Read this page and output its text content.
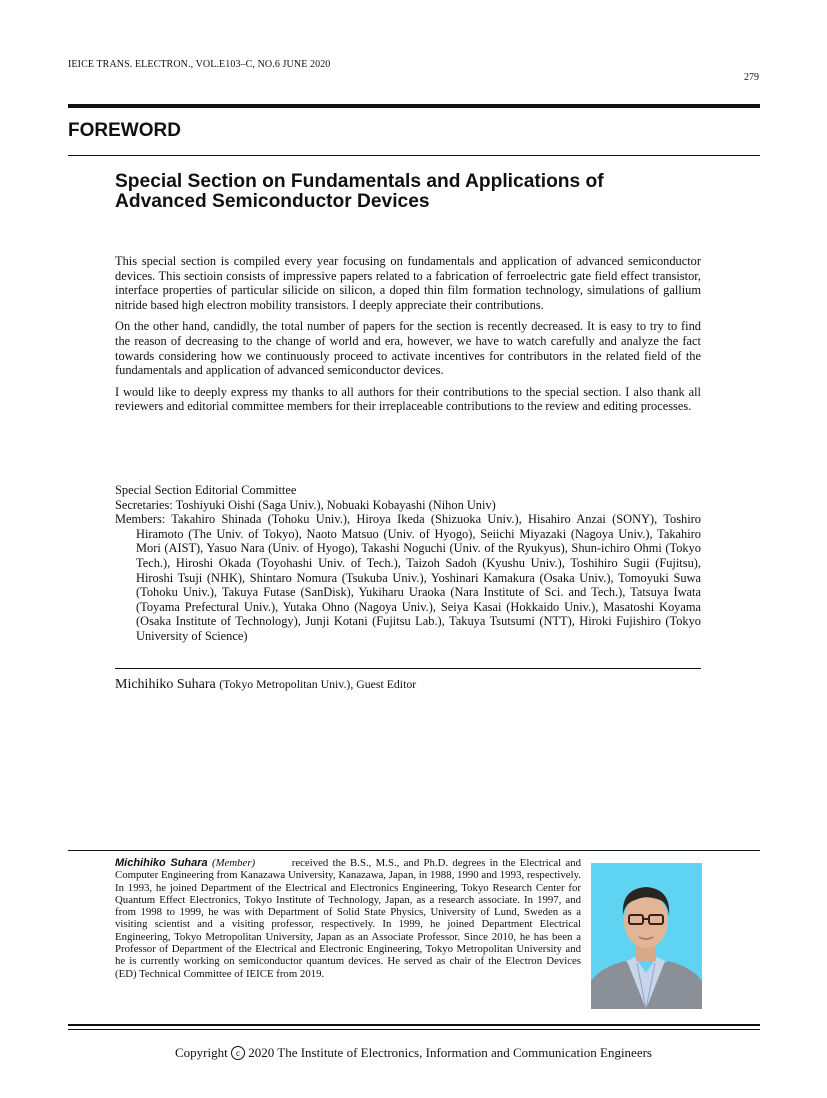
IEICE TRANS. ELECTRON., VOL.E103–C, NO.6 JUNE 2020
279
FOREWORD
Special Section on Fundamentals and Applications of Advanced Semiconductor Devices

This special section is compiled every year focusing on fundamentals and application of advanced semiconductor devices. This sectioin consists of impressive papers related to a fabrication of ferroelectric gate field effect transistor, interface properties of particular silicide on silicon, a doped thin film formation technology, simulations of gallium nitride based high electron mobility transistors. I deeply appreciate their contributions.

On the other hand, candidly, the total number of papers for the section is recently decreased. It is easy to try to find the reason of decreasing to the change of world and era, however, we have to watch carefully and analyze the fact towards considering how we continuously proceed to activate incentives for contributors in the related field of the fundamentals and application of advanced semiconductor devices.

I would like to deeply express my thanks to all authors for their contributions to the special section. I also thank all reviewers and editorial committee members for their irreplaceable contributions to the review and editing processes.

Special Section Editorial Committee
Secretaries: Toshiyuki Oishi (Saga Univ.), Nobuaki Kobayashi (Nihon Univ)
Members: Takahiro Shinada (Tohoku Univ.), Hiroya Ikeda (Shizuoka Univ.), Hisahiro Anzai (SONY), Toshiro Hiramoto (The Univ. of Tokyo), Naoto Matsuo (Univ. of Hyogo), Seiichi Miyazaki (Nagoya Univ.), Takahiro Mori (AIST), Yasuo Nara (Univ. of Hyogo), Takashi Noguchi (Univ. of the Ryukyus), Shun-ichiro Ohmi (Tokyo Tech.), Hiroshi Okada (Toyohashi Univ. of Tech.), Taizoh Sadoh (Kyushu Univ.), Toshihiro Sugii (Fujitsu), Hiroshi Tsuji (NHK), Shintaro Nomura (Tsukuba Univ.), Yoshinari Kamakura (Osaka Univ.), Tomoyuki Suwa (Tohoku Univ.), Takuya Futase (SanDisk), Yukiharu Uraoka (Nara Institute of Sci. and Tech.), Tatsuya Iwata (Toyama Prefectural Univ.), Yutaka Ohno (Nagoya Univ.), Seiya Kasai (Hokkaido Univ.), Masatoshi Koyama (Osaka Institute of Technology), Junji Kotani (Fujitsu Lab.), Takuya Tsutsumi (NTT), Hiroki Fujishiro (Tokyo University of Science)
Michihiko Suhara (Tokyo Metropolitan Univ.), Guest Editor
Michihiko Suhara (Member)	received the B.S., M.S., and Ph.D. degrees in the Electrical and Computer Engineering from Kanazawa University, Kanazawa, Japan, in 1988, 1990 and 1993, respectively. In 1993, he joined Department of the Electrical and Electronics Engineering, Tokyo Research Center for Quantum Effect Electronics, Tokyo Institute of Technology, Japan, as a research associate. In 1997, and from 1998 to 1999, he was with Department of Solid State Physics, University of Lund, Sweden as a visiting scientist and a visiting professor, respectively. In 1999, he joined Department Electrical Engineering, Tokyo Metropolitan University, Japan as an Associate Professor. Since 2010, he has been a Professor of Department of the Electrical and Electronic Engineering, Tokyo Metropolitan University and he is currently working on semiconductor quantum devices. He served as chair of the Electron Devices (ED) Technical Committee of IEICE from 2019.
Copyright c 2020 The Institute of Electronics, Information and Communication Engineers
